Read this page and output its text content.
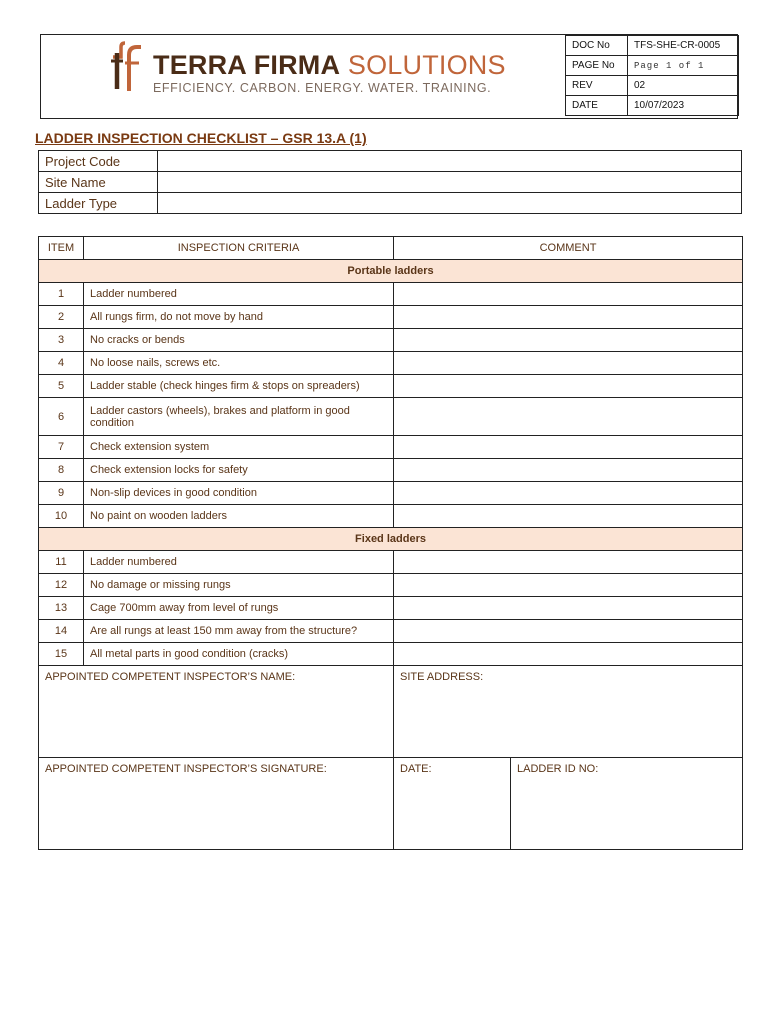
TERRA FIRMA SOLUTIONS
EFFICIENCY. CARBON. ENERGY. WATER. TRAINING.
DOC No	TFS-SHE-CR-0005
PAGE No	Page 1 of 1
REV	02
DATE	10/07/2023
LADDER INSPECTION CHECKLIST – GSR 13.A (1)
Project Code	
Site Name	
Ladder Type	
ITEM	INSPECTION CRITERIA	COMMENT	
Portable ladders			
1	Ladder numbered		
2	All rungs firm, do not move by hand		
3	No cracks or bends		
4	No loose nails, screws etc.		
5	Ladder stable (check hinges firm & stops on spreaders)		
6	Ladder castors (wheels), brakes and platform in good condition		
7	Check extension system		
8	Check extension locks for safety		
9	Non-slip devices in good condition		
10	No paint on wooden ladders		
Fixed ladders			
11	Ladder numbered		
12	No damage or missing rungs		
13	Cage 700mm away from level of rungs		
14	Are all rungs at least 150 mm away from the structure?		
15	All metal parts in good condition (cracks)		
APPOINTED COMPETENT INSPECTOR’S NAME:		SITE ADDRESS:	
APPOINTED COMPETENT INSPECTOR’S SIGNATURE:		DATE:	LADDER ID NO:
